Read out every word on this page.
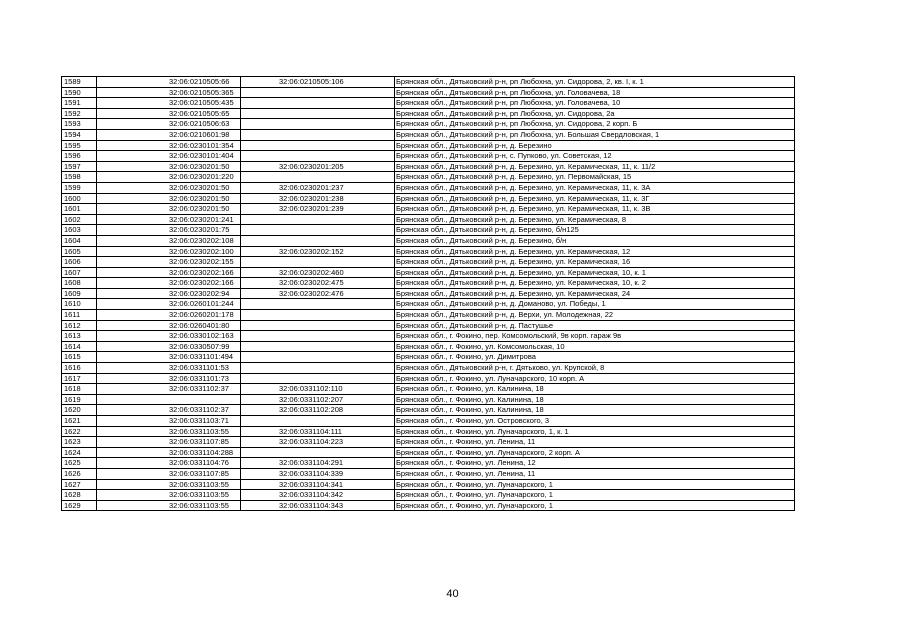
1589	32:06:0210505:66	32:06:0210505:106	Брянская обл., Дятьковский р-н, рп Любохна, ул. Сидорова, 2, кв. I, к. 1
1590	32:06:0210505:365		Брянская обл., Дятьковский р-н, рп Любохна, ул. Головачева, 18
1591	32:06:0210505:435		Брянская обл., Дятьковский р-н, рп Любохна, ул. Головачева, 10
1592	32:06:0210505:65		Брянская обл., Дятьковский р-н, рп Любохна, ул. Сидорова, 2а
1593	32:06:0210506:63		Брянская обл., Дятьковский р-н, рп Любохна, ул. Сидорова, 2 корп. Б
1594	32:06:0210601:98		Брянская обл., Дятьковский р-н, рп Любохна, ул. Большая Свердловская, 1
1595	32:06:0230101:354		Брянская обл., Дятьковский р-н, д. Березино
1596	32:06:0230101:404		Брянская обл., Дятьковский р-н, с. Пупково, ул. Советская, 12
1597	32:06:0230201:50	32:06:0230201:205	Брянская обл., Дятьковский р-н, д. Березино, ул. Керамическая, 11, к. 11/2
1598	32:06:0230201:220		Брянская обл., Дятьковский р-н, д. Березино, ул. Первомайская, 15
1599	32:06:0230201:50	32:06:0230201:237	Брянская обл., Дятьковский р-н, д. Березино, ул. Керамическая, 11, к. 3А
1600	32:06:0230201:50	32:06:0230201:238	Брянская обл., Дятьковский р-н, д. Березино, ул. Керамическая, 11, к. 3Г
1601	32:06:0230201:50	32:06:0230201:239	Брянская обл., Дятьковский р-н, д. Березино, ул. Керамическая, 11, к. 3В
1602	32:06:0230201:241		Брянская обл., Дятьковский р-н, д. Березино, ул. Керамическая, 8
1603	32:06:0230201:75		Брянская обл., Дятьковский р-н, д. Березино, б/н125
1604	32:06:0230202:108		Брянская обл., Дятьковский р-н, д. Березино, б/н
1605	32:06:0230202:100	32:06:0230202:152	Брянская обл., Дятьковский р-н, д. Березино, ул. Керамическая, 12
1606	32:06:0230202:155		Брянская обл., Дятьковский р-н, д. Березино, ул. Керамическая, 16
1607	32:06:0230202:166	32:06:0230202:460	Брянская обл., Дятьковский р-н, д. Березино, ул. Керамическая, 10, к. 1
1608	32:06:0230202:166	32:06:0230202:475	Брянская обл., Дятьковский р-н, д. Березино, ул. Керамическая, 10, к. 2
1609	32:06:0230202:94	32:06:0230202:476	Брянская обл., Дятьковский р-н, д. Березино, ул. Керамическая, 24
1610	32:06:0260101:244		Брянская обл., Дятьковский р-н, д. Доманово, ул. Победы, 1
1611	32:06:0260201:178		Брянская обл., Дятьковский р-н, д. Верхи, ул. Молодежная, 22
1612	32:06:0260401:80		Брянская обл., Дятьковский р-н, д. Пастушье
1613	32:06:0330102:163		Брянская обл., г. Фокино, пер. Комсомольский, 9в корп. гараж 9в
1614	32:06:0330507:99		Брянская обл., г. Фокино, ул. Комсомольская, 10
1615	32:06:0331101:494		Брянская обл., г. Фокино, ул. Димитрова
1616	32:06:0331101:53		Брянская обл., Дятьковский р-н, г. Дятьково, ул. Крупской, 8
1617	32:06:0331101:73		Брянская обл., г. Фокино, ул. Луначарского, 10 корп. А
1618	32:06:0331102:37	32:06:0331102:110	Брянская обл., г. Фокино, ул. Калинина, 18
1619		32:06:0331102:207	Брянская обл., г. Фокино, ул. Калинина, 18
1620	32:06:0331102:37	32:06:0331102:208	Брянская обл., г. Фокино, ул. Калинина, 18
1621	32:06:0331103:71		Брянская обл., г. Фокино, ул. Островского, 3
1622	32:06:0331103:55	32:06:0331104:111	Брянская обл., г. Фокино, ул. Луначарского, 1, к. 1
1623	32:06:0331107:85	32:06:0331104:223	Брянская обл., г. Фокино, ул. Ленина, 11
1624	32:06:0331104:288		Брянская обл., г. Фокино, ул. Луначарского, 2 корп. А
1625	32:06:0331104:76	32:06:0331104:291	Брянская обл., г. Фокино, ул. Ленина, 12
1626	32:06:0331107:85	32:06:0331104:339	Брянская обл., г. Фокино, ул. Ленина, 11
1627	32:06:0331103:55	32:06:0331104:341	Брянская обл., г. Фокино, ул. Луначарского, 1
1628	32:06:0331103:55	32:06:0331104:342	Брянская обл., г. Фокино, ул. Луначарского, 1
1629	32:06:0331103:55	32:06:0331104:343	Брянская обл., г. Фокино, ул. Луначарского, 1
40
